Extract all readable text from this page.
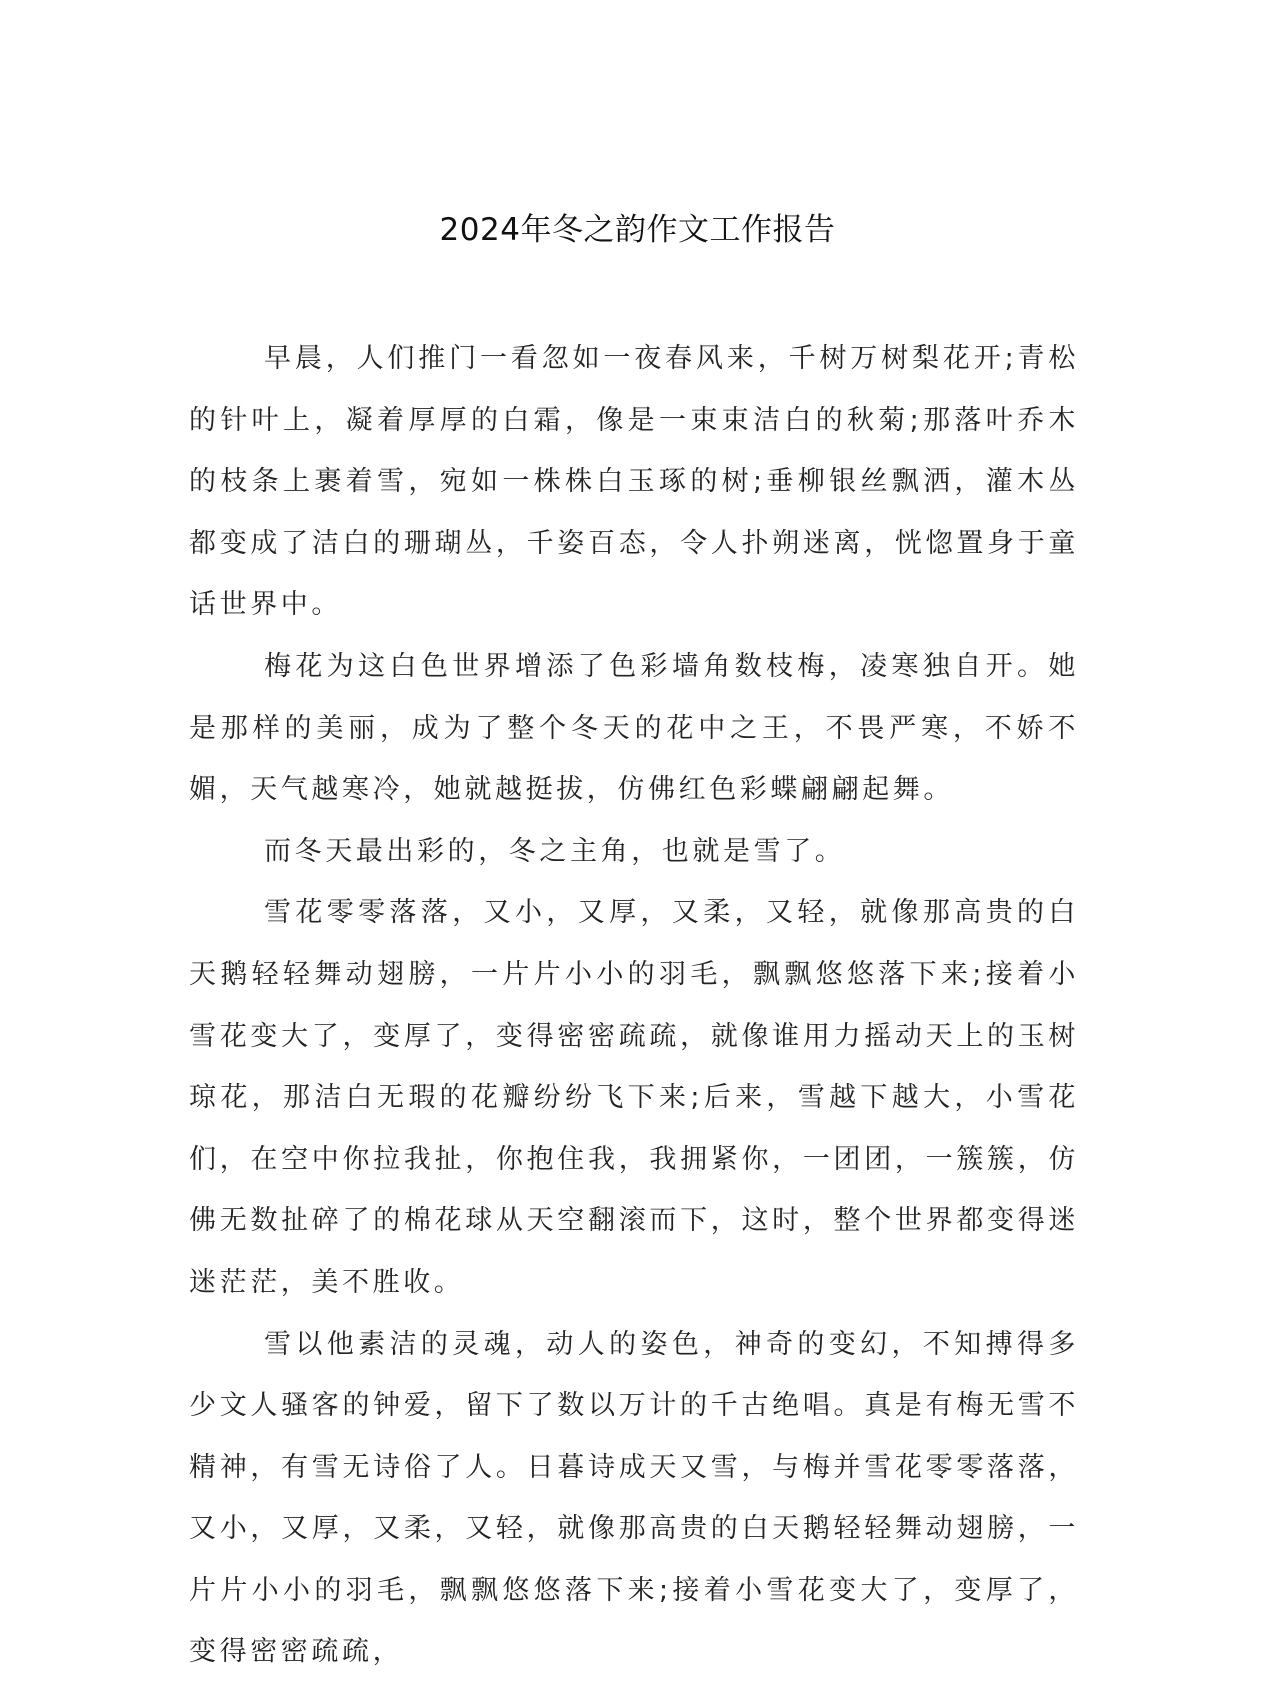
2024年冬之韵作文工作报告

早晨，人们推门一看忽如一夜春风来，千树万树梨花开;青松的针叶上，凝着厚厚的白霜，像是一束束洁白的秋菊;那落叶乔木的枝条上裹着雪，宛如一株株白玉琢的树;垂柳银丝飘洒，灌木丛都变成了洁白的珊瑚丛，千姿百态，令人扑朔迷离，恍惚置身于童话世界中。

梅花为这白色世界增添了色彩墙角数枝梅，凌寒独自开。她是那样的美丽，成为了整个冬天的花中之王，不畏严寒，不娇不媚，天气越寒冷，她就越挺拔，仿佛红色彩蝶翩翩起舞。

而冬天最出彩的，冬之主角，也就是雪了。

雪花零零落落，又小，又厚，又柔，又轻，就像那高贵的白天鹅轻轻舞动翅膀，一片片小小的羽毛，飘飘悠悠落下来;接着小雪花变大了，变厚了，变得密密疏疏，就像谁用力摇动天上的玉树琼花，那洁白无瑕的花瓣纷纷飞下来;后来，雪越下越大，小雪花们，在空中你拉我扯，你抱住我，我拥紧你，一团团，一簇簇，仿佛无数扯碎了的棉花球从天空翻滚而下，这时，整个世界都变得迷迷茫茫，美不胜收。

雪以他素洁的灵魂，动人的姿色，神奇的变幻，不知搏得多少文人骚客的钟爱，留下了数以万计的千古绝唱。真是有梅无雪不精神，有雪无诗俗了人。日暮诗成天又雪，与梅并雪花零零落落，又小，又厚，又柔，又轻，就像那高贵的白天鹅轻轻舞动翅膀，一片片小小的羽毛，飘飘悠悠落下来;接着小雪花变大了，变厚了，变得密密疏疏，
